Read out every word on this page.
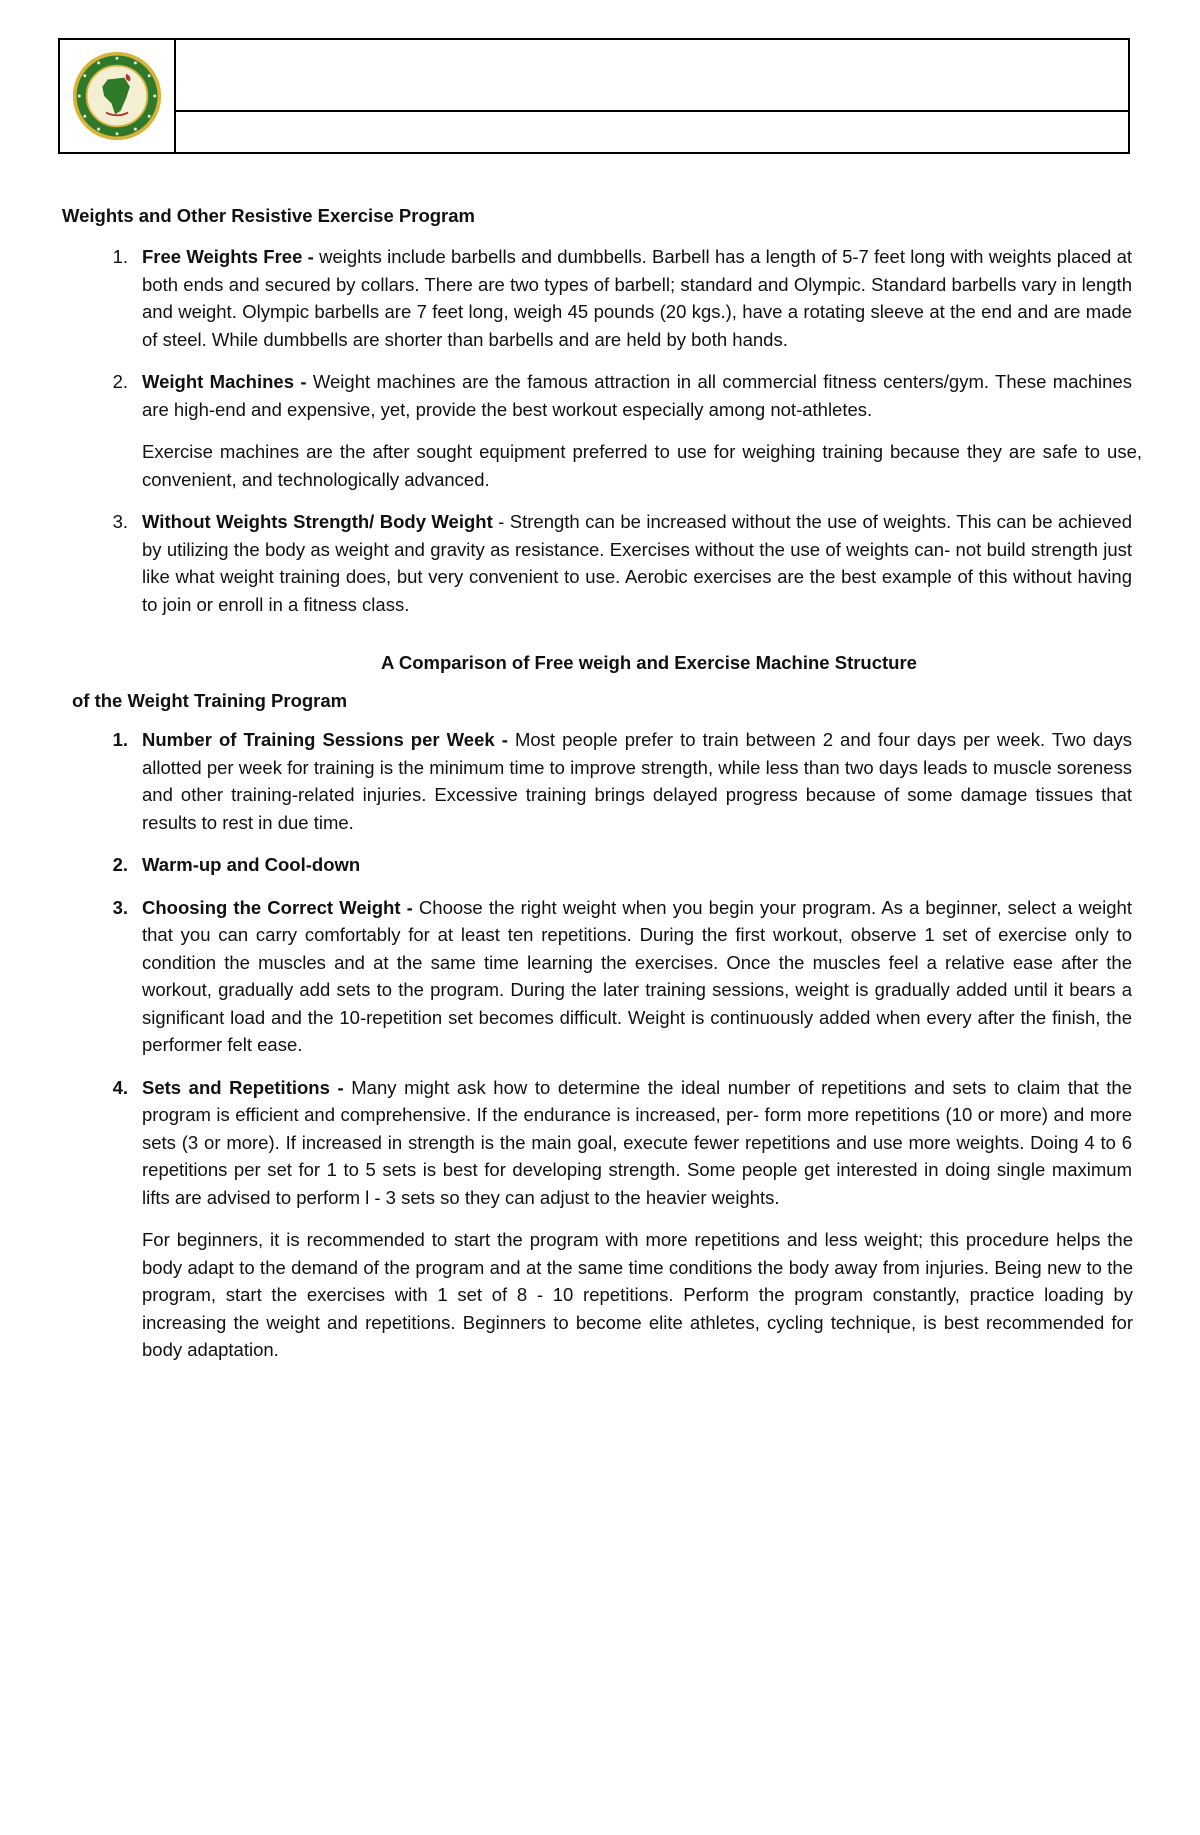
Weights and Other Resistive Exercise Program

1. Free Weights Free - weights include barbells and dumbbells. Barbell has a length of 5-7 feet long with weights placed at both ends and secured by collars. There are two types of barbell; standard and Olympic. Standard barbells vary in length and weight. Olympic barbells are 7 feet long, weigh 45 pounds (20 kgs.), have a rotating sleeve at the end and are made of steel. While dumbbells are shorter than barbells and are held by both hands.

2. Weight Machines - Weight machines are the famous attraction in all commercial fitness centers/gym. These machines are high-end and expensive, yet, provide the best workout especially among not-athletes.

Exercise machines are the after sought equipment preferred to use for weighing training because they are safe to use, convenient, and technologically advanced.

3. Without Weights Strength/ Body Weight - Strength can be increased without the use of weights. This can be achieved by utilizing the body as weight and gravity as resistance. Exercises without the use of weights can- not build strength just like what weight training does, but very convenient to use. Aerobic exercises are the best example of this without having to join or enroll in a fitness class.

A Comparison of Free weigh and Exercise Machine Structure

of the Weight Training Program

1. Number of Training Sessions per Week - Most people prefer to train between 2 and four days per week. Two days allotted per week for training is the minimum time to improve strength, while less than two days leads to muscle soreness and other training-related injuries. Excessive training brings delayed progress because of some damage tissues that results to rest in due time.

2. Warm-up and Cool-down

3. Choosing the Correct Weight - Choose the right weight when you begin your program. As a beginner, select a weight that you can carry comfortably for at least ten repetitions. During the first workout, observe 1 set of exercise only to condition the muscles and at the same time learning the exercises. Once the muscles feel a relative ease after the workout, gradually add sets to the program. During the later training sessions, weight is gradually added until it bears a significant load and the 10-repetition set becomes difficult. Weight is continuously added when every after the finish, the performer felt ease.

4. Sets and Repetitions - Many might ask how to determine the ideal number of repetitions and sets to claim that the program is efficient and comprehensive. If the endurance is increased, per- form more repetitions (10 or more) and more sets (3 or more). If increased in strength is the main goal, execute fewer repetitions and use more weights. Doing 4 to 6 repetitions per set for 1 to 5 sets is best for developing strength. Some people get interested in doing single maximum lifts are advised to perform l - 3 sets so they can adjust to the heavier weights.

For beginners, it is recommended to start the program with more repetitions and less weight; this procedure helps the body adapt to the demand of the program and at the same time conditions the body away from injuries. Being new to the program, start the exercises with 1 set of 8 - 10 repetitions. Perform the program constantly, practice loading by increasing the weight and repetitions. Beginners to become elite athletes, cycling technique, is best recommended for body adaptation.
